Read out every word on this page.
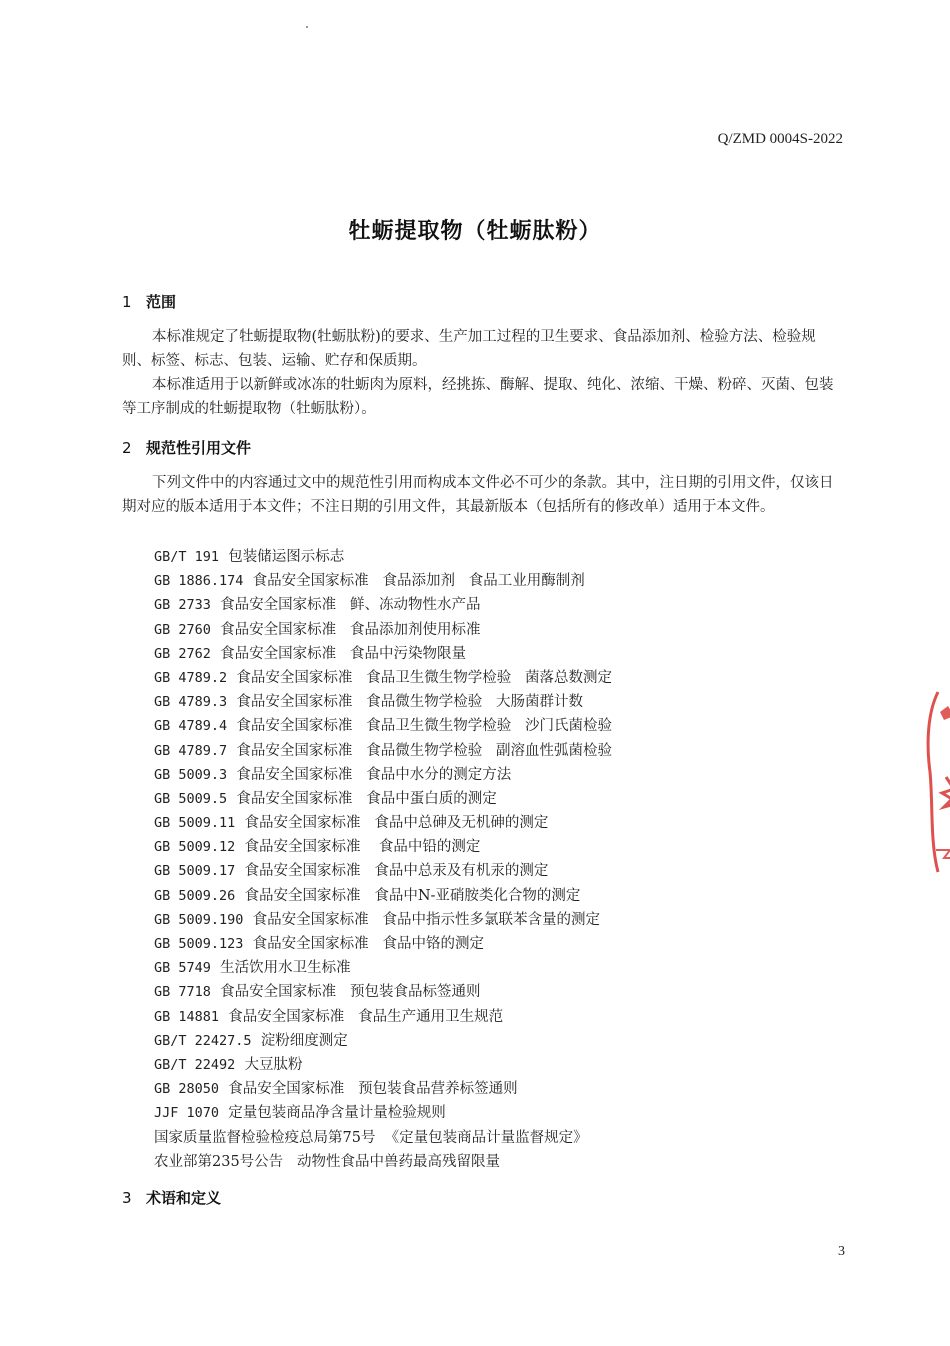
Q/ZMD 0004S-2022
牡蛎提取物（牡蛎肽粉）
1 范围
本标准规定了牡蛎提取物(牡蛎肽粉)的要求、生产加工过程的卫生要求、食品添加剂、检验方法、检验规则、标签、标志、包装、运输、贮存和保质期。
本标准适用于以新鲜或冰冻的牡蛎肉为原料，经挑拣、酶解、提取、纯化、浓缩、干燥、粉碎、灭菌、包装等工序制成的牡蛎提取物（牡蛎肽粉）。
2 规范性引用文件
下列文件中的内容通过文中的规范性引用而构成本文件必不可少的条款。其中，注日期的引用文件，仅该日期对应的版本适用于本文件；不注日期的引用文件，其最新版本（包括所有的修改单）适用于本文件。
GB/T 191  包装储运图示标志
GB 1886.174  食品安全国家标准   食品添加剂   食品工业用酶制剂
GB 2733  食品安全国家标准   鲜、冻动物性水产品
GB 2760  食品安全国家标准   食品添加剂使用标准
GB 2762  食品安全国家标准   食品中污染物限量
GB 4789.2  食品安全国家标准   食品卫生微生物学检验   菌落总数测定
GB 4789.3  食品安全国家标准   食品微生物学检验   大肠菌群计数
GB 4789.4  食品安全国家标准   食品卫生微生物学检验   沙门氏菌检验
GB 4789.7  食品安全国家标准   食品微生物学检验   副溶血性弧菌检验
GB 5009.3  食品安全国家标准   食品中水分的测定方法
GB 5009.5  食品安全国家标准   食品中蛋白质的测定
GB 5009.11  食品安全国家标准   食品中总砷及无机砷的测定
GB 5009.12  食品安全国家标准    食品中铅的测定
GB 5009.17  食品安全国家标准   食品中总汞及有机汞的测定
GB 5009.26  食品安全国家标准   食品中N-亚硝胺类化合物的测定
GB 5009.190  食品安全国家标准   食品中指示性多氯联苯含量的测定
GB 5009.123  食品安全国家标准   食品中铬的测定
GB 5749  生活饮用水卫生标准
GB 7718  食品安全国家标准   预包装食品标签通则
GB 14881  食品安全国家标准   食品生产通用卫生规范
GB/T 22427.5  淀粉细度测定
GB/T 22492  大豆肽粉
GB 28050  食品安全国家标准   预包装食品营养标签通则
JJF 1070  定量包装商品净含量计量检验规则
国家质量监督检验检疫总局第75号  《定量包装商品计量监督规定》
农业部第235号公告   动物性食品中兽药最高残留限量
3 术语和定义
3
